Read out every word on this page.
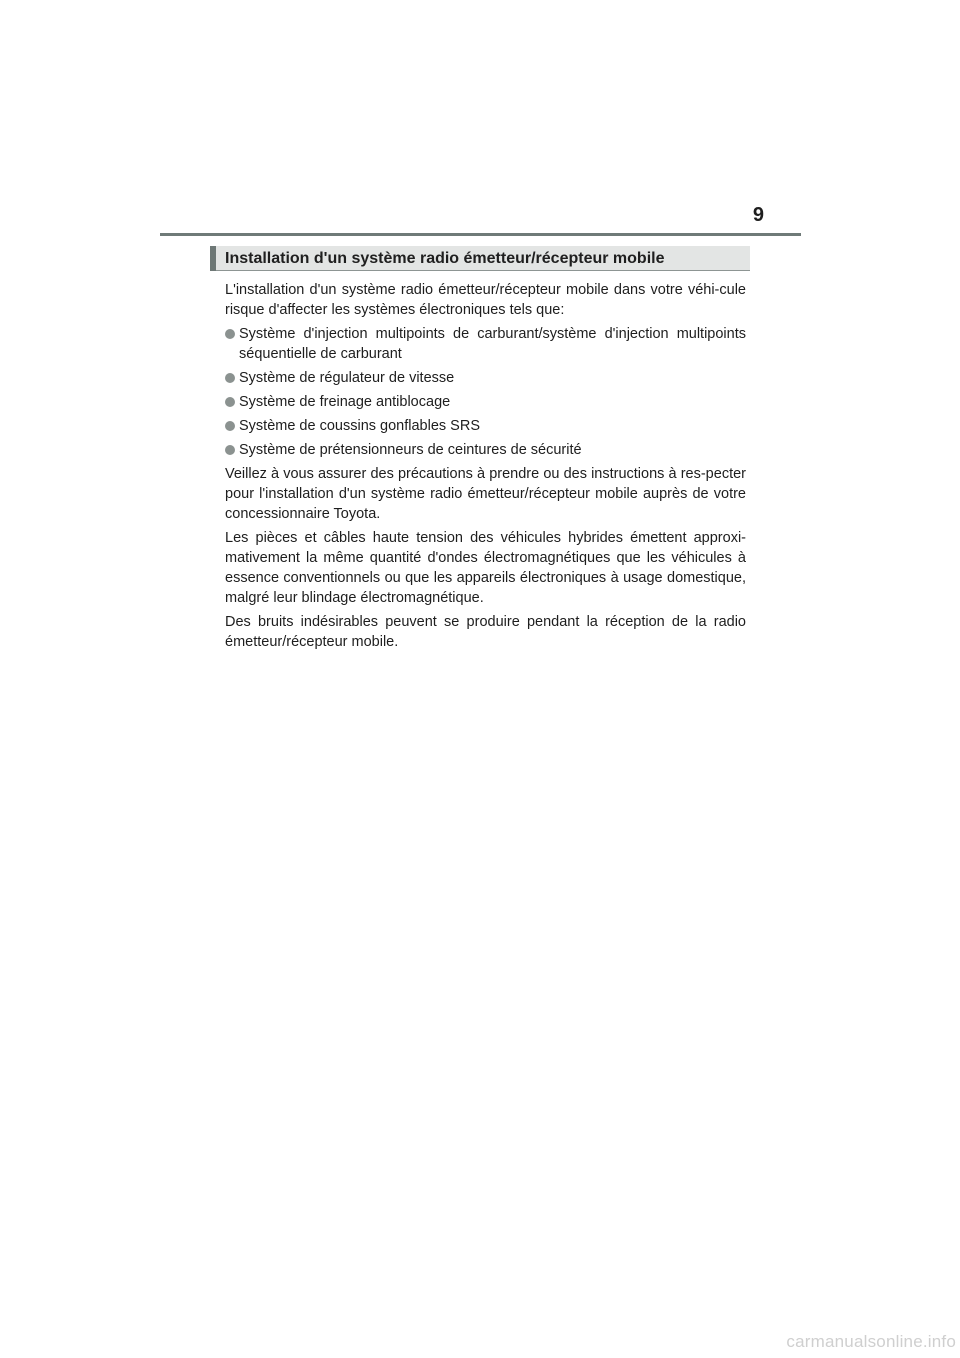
9
Installation d'un système radio émetteur/récepteur mobile

L'installation d'un système radio émetteur/récepteur mobile dans votre véhi-cule risque d'affecter les systèmes électroniques tels que:

Système d'injection multipoints de carburant/système d'injection multipoints séquentielle de carburant
Système de régulateur de vitesse
Système de freinage antiblocage
Système de coussins gonflables SRS
Système de prétensionneurs de ceintures de sécurité

Veillez à vous assurer des précautions à prendre ou des instructions à res-pecter pour l'installation d'un système radio émetteur/récepteur mobile auprès de votre concessionnaire Toyota.

Les pièces et câbles haute tension des véhicules hybrides émettent approxi-mativement la même quantité d'ondes électromagnétiques que les véhicules à essence conventionnels ou que les appareils électroniques à usage domestique, malgré leur blindage électromagnétique.

Des bruits indésirables peuvent se produire pendant la réception de la radio émetteur/récepteur mobile.

carmanualsonline.info
